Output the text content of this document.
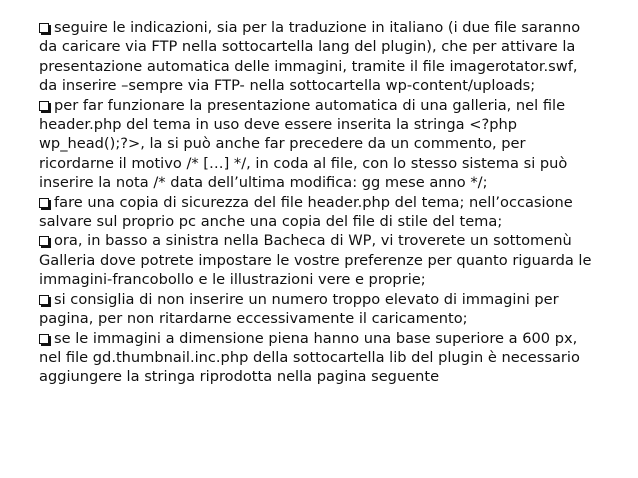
seguire le indicazioni, sia per la traduzione in italiano (i due file saranno da caricare via FTP nella sottocartella lang del plugin), che per attivare la presentazione automatica delle immagini, tramite il file imagerotator.swf, da inserire –sempre via FTP- nella sottocartella wp-content/uploads;

per far funzionare la presentazione automatica di una galleria, nel file header.php del tema in uso deve essere inserita la stringa <?php wp_head();?>, la si può anche far precedere da un commento, per ricordarne il motivo /* […] */, in coda al file, con lo stesso sistema si può inserire la nota /* data dell’ultima modifica: gg mese anno */;

fare una copia di sicurezza del file header.php del tema; nell’occasione salvare sul proprio pc anche una copia del file di stile del tema;

ora, in basso a sinistra nella Bacheca di WP, vi troverete un sottomenù Galleria dove potrete impostare le vostre preferenze per quanto riguarda le immagini-francobollo e le illustrazioni vere e proprie;

si consiglia di non inserire un numero troppo elevato di immagini per pagina, per non ritardarne eccessivamente il caricamento;

se le immagini a dimensione piena hanno una base superiore a 600 px, nel file gd.thumbnail.inc.php della sottocartella lib del plugin è necessario aggiungere la stringa riprodotta nella pagina seguente
